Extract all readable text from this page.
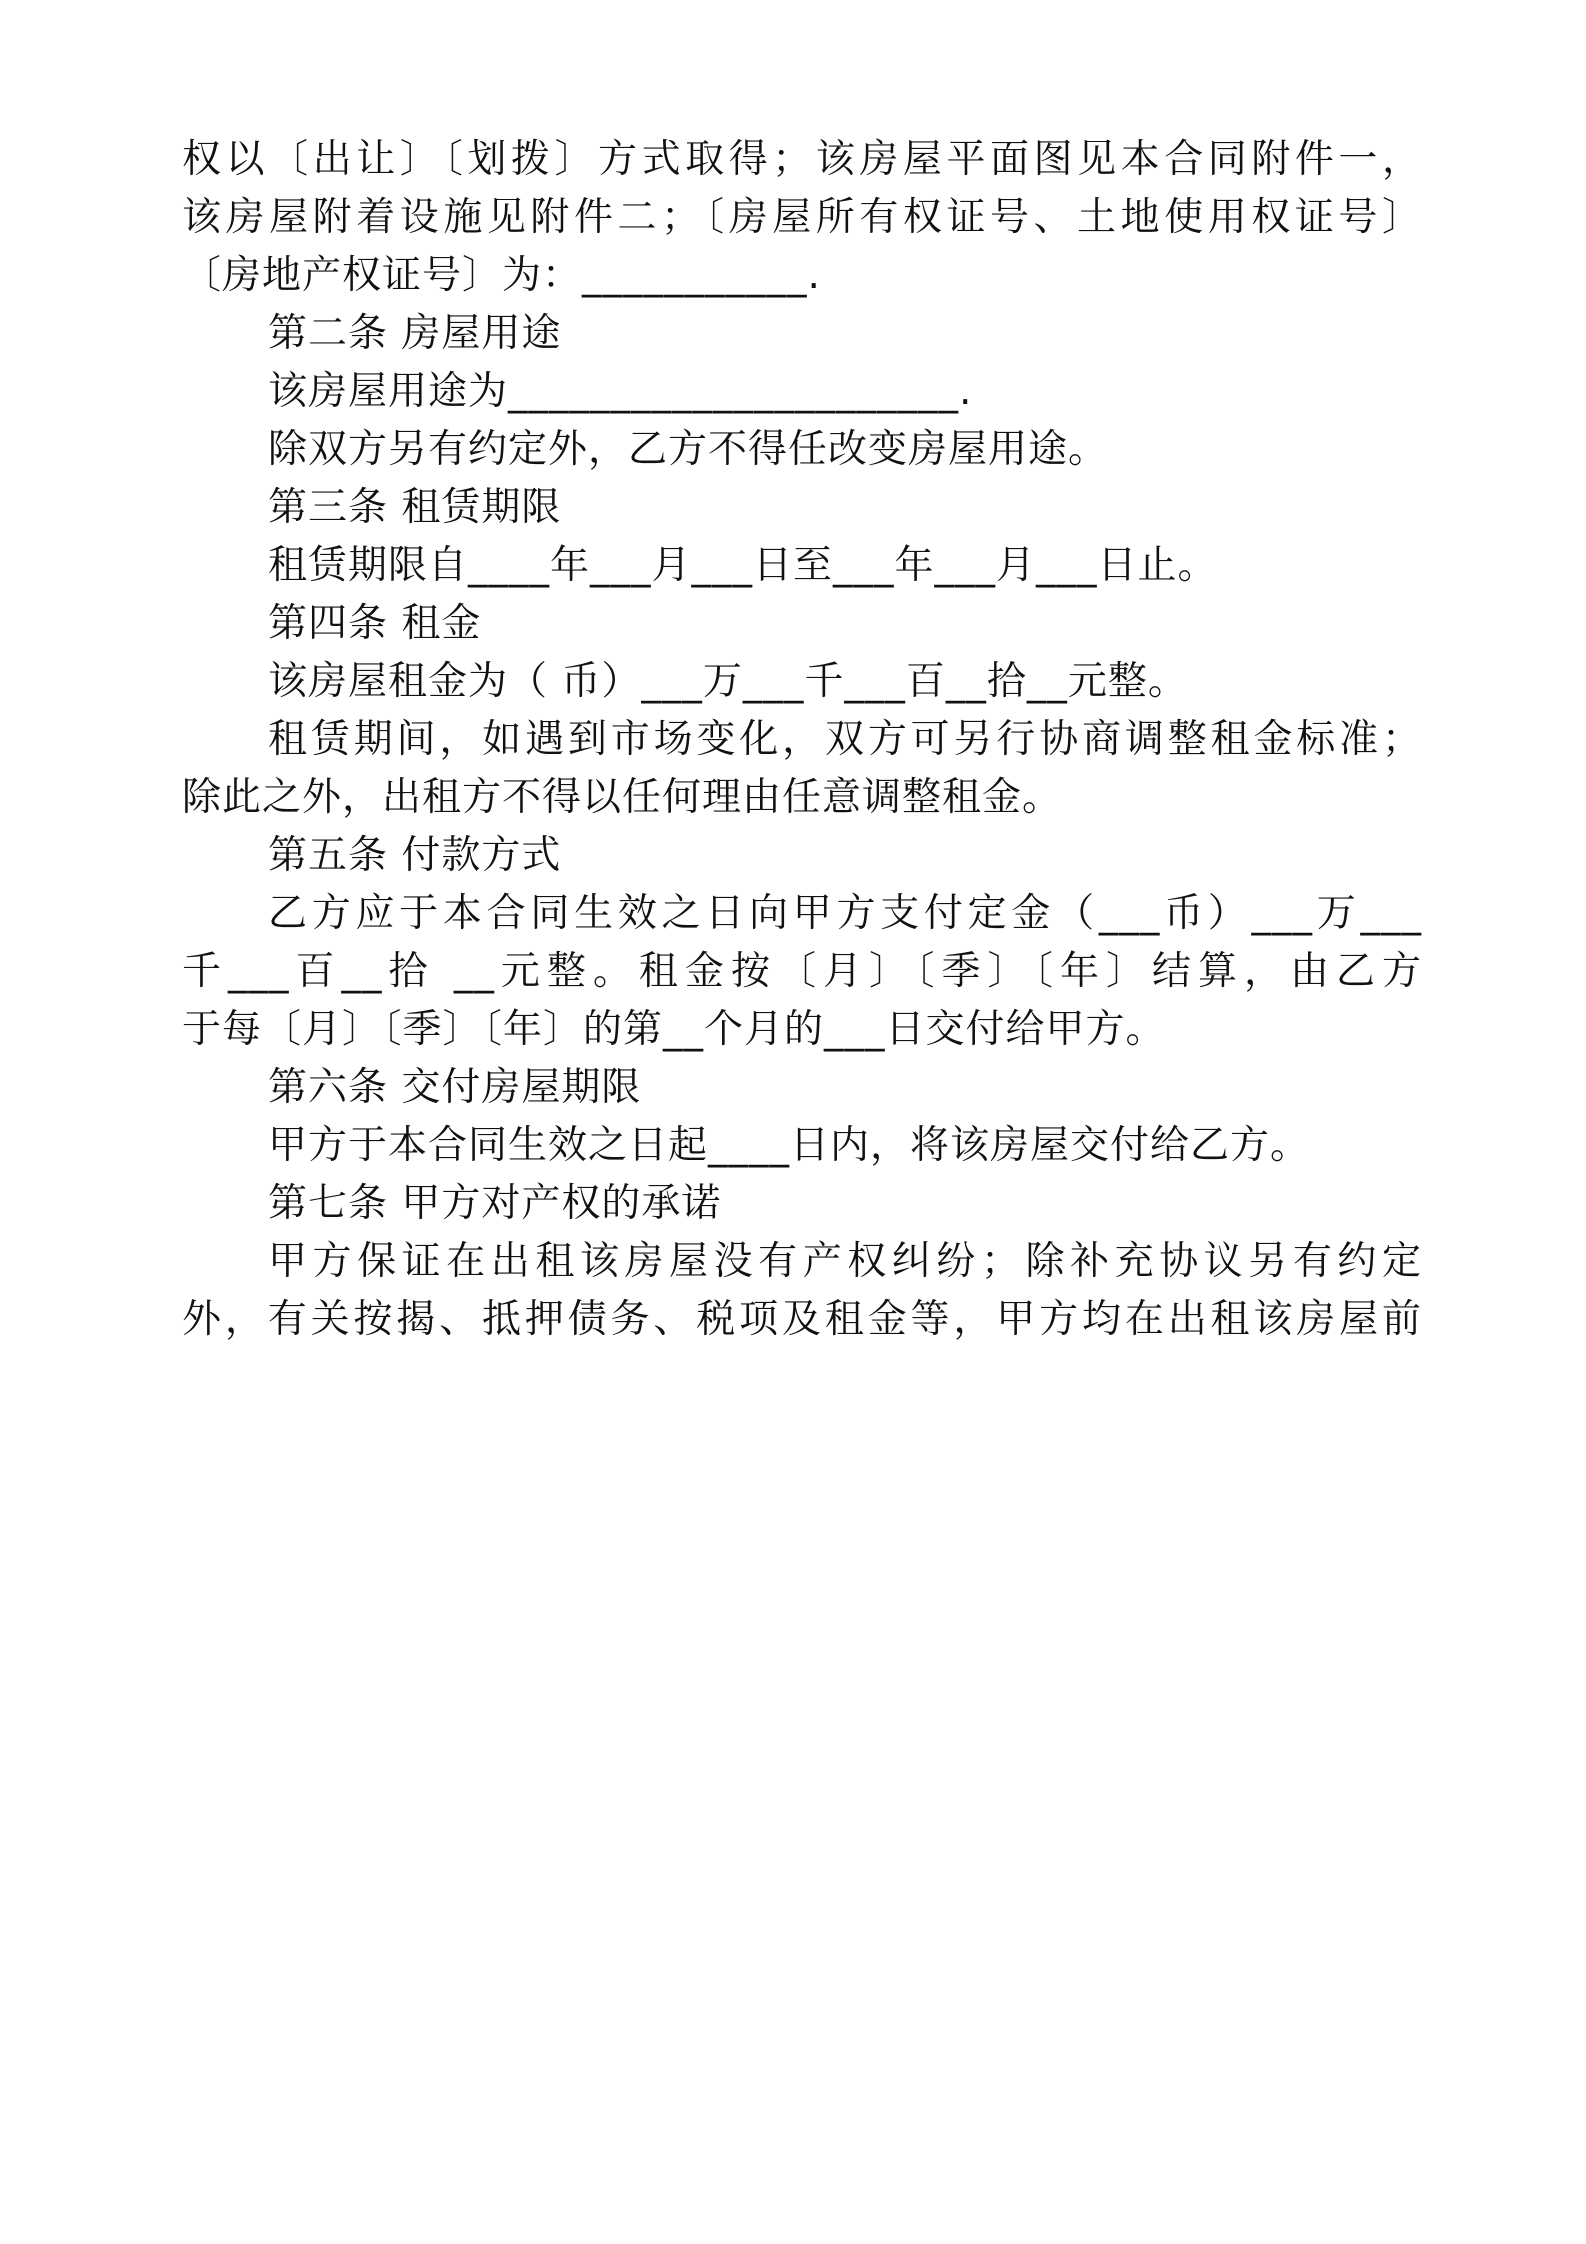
权以〔出让〕〔划拨〕方式取得；该房屋平面图见本合同附件一，
该房屋附着设施见附件二；〔房屋所有权证号、土地使用权证号〕
〔房地产权证号〕为：___________.
第二条 房屋用途
该房屋用途为______________________.
除双方另有约定外，乙方不得任改变房屋用途。
第三条 租赁期限
租赁期限自____年___月___日至___年___月___日止。
第四条 租金
该房屋租金为（ 币）___万___千___百__拾__元整。
租赁期间，如遇到市场变化，双方可另行协商调整租金标准；
除此之外，出租方不得以任何理由任意调整租金。
第五条 付款方式
乙方应于本合同生效之日向甲方支付定金（___币）___万___
千___百__拾 __元整。租金按〔月〕〔季〕〔年〕结算，由乙方
于每〔月〕〔季〕〔年〕的第__个月的___日交付给甲方。
第六条 交付房屋期限
甲方于本合同生效之日起____日内，将该房屋交付给乙方。
第七条 甲方对产权的承诺
甲方保证在出租该房屋没有产权纠纷；除补充协议另有约定
外，有关按揭、抵押债务、税项及租金等，甲方均在出租该房屋前
